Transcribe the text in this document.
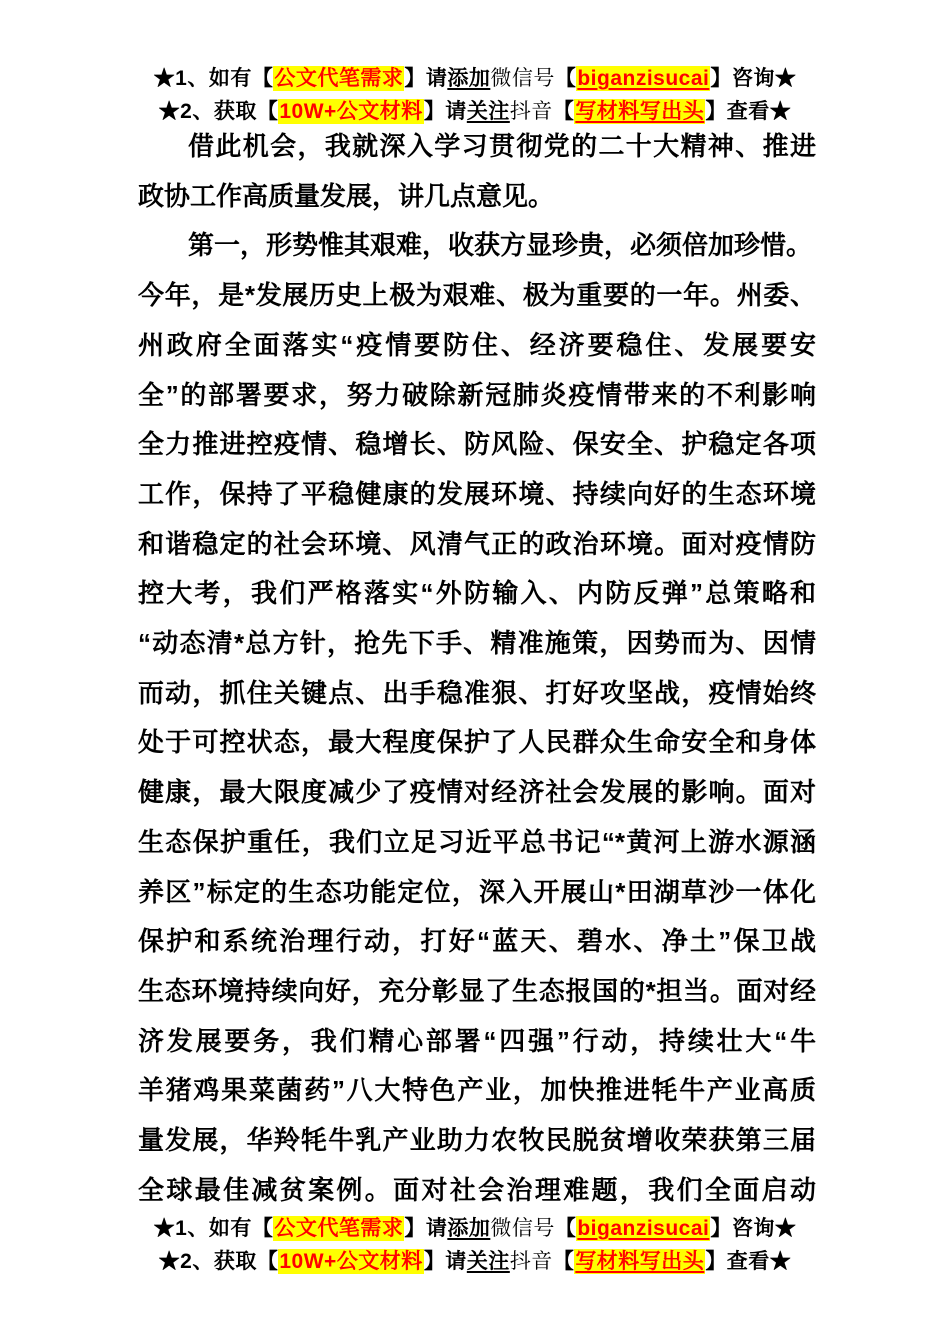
★1、如有【公文代笔需求】请添加微信号【biganzisucai】咨询★
★2、获取【10W+公文材料】请关注抖音【写材料写出头】查看★
借此机会，我就深入学习贯彻党的二十大精神、推进
政协工作高质量发展，讲几点意见。
第一，形势惟其艰难，收获方显珍贵，必须倍加珍惜。
今年，是*发展历史上极为艰难、极为重要的一年。州委、
州政府全面落实“疫情要防住、经济要稳住、发展要安
全”的部署要求，努力破除新冠肺炎疫情带来的不利影响
全力推进控疫情、稳增长、防风险、保安全、护稳定各项
工作，保持了平稳健康的发展环境、持续向好的生态环境
和谐稳定的社会环境、风清气正的政治环境。面对疫情防
控大考，我们严格落实“外防输入、内防反弹”总策略和
“动态清*总方针，抢先下手、精准施策，因势而为、因情
而动，抓住关键点、出手稳准狠、打好攻坚战，疫情始终
处于可控状态，最大程度保护了人民群众生命安全和身体
健康，最大限度减少了疫情对经济社会发展的影响。面对
生态保护重任，我们立足习近平总书记“*黄河上游水源涵
养区”标定的生态功能定位，深入开展山*田湖草沙一体化
保护和系统治理行动，打好“蓝天、碧水、净土”保卫战
生态环境持续向好，充分彰显了生态报国的*担当。面对经
济发展要务，我们精心部署“四强”行动，持续壮大“牛
羊猪鸡果菜菌药”八大特色产业，加快推进牦牛产业高质
量发展，华羚牦牛乳产业助力农牧民脱贫增收荣获第三届
全球最佳减贫案例。面对社会治理难题，我们全面启动
★1、如有【公文代笔需求】请添加微信号【biganzisucai】咨询★
★2、获取【10W+公文材料】请关注抖音【写材料写出头】查看★
